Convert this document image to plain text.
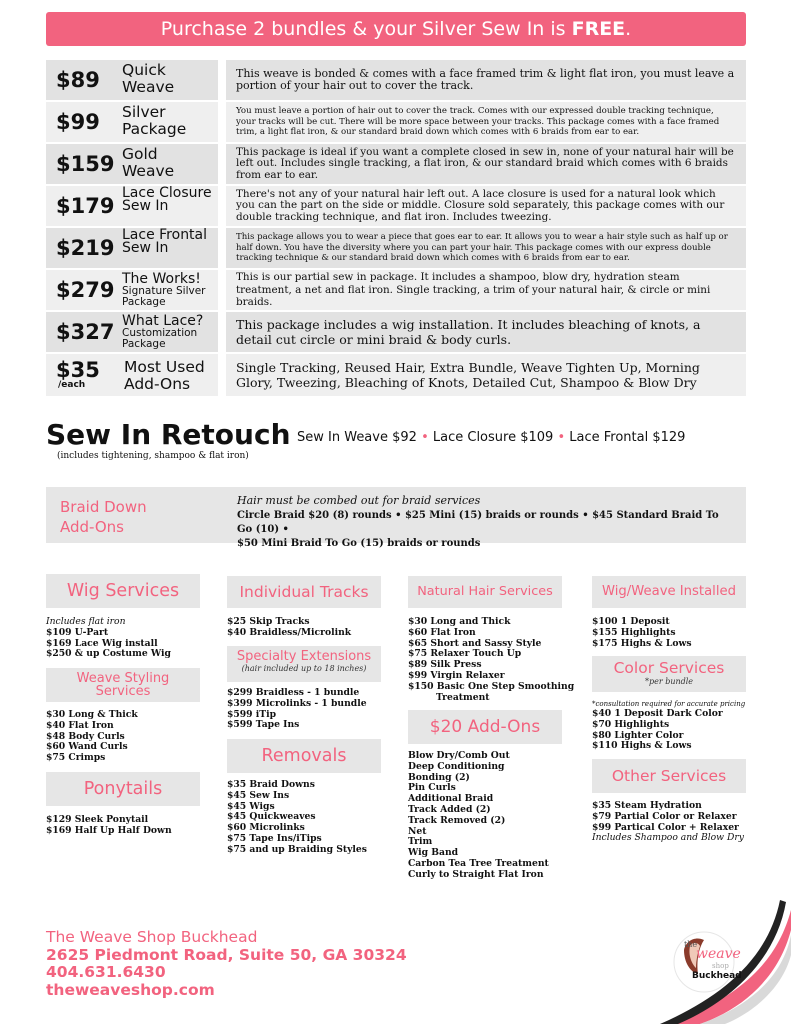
Purchase 2 bundles & your Silver Sew In is FREE.
$89 Quick Weave
This weave is bonded & comes with a face framed trim & light flat iron, you must leave a portion of your hair out to cover the track.
$99 Silver Package
You must leave a portion of hair out to cover the track. Comes with our expressed double tracking technique, your tracks will be cut. There will be more space between your tracks. This package comes with a face framed trim, a light flat iron, & our standard braid down which comes with 6 braids from ear to ear.
$159 Gold Weave
This package is ideal if you want a complete closed in sew in, none of your natural hair will be left out. Includes single tracking, a flat iron, & our standard braid which comes with 6 braids from ear to ear.
$179
Lace Closure Sew In
There's not any of your natural hair left out. A lace closure is used for a natural look which you can the part on the side or middle. Closure sold separately, this package comes with our double tracking technique, and flat iron. Includes tweezing.
$219
Lace Frontal Sew In
This package allows you to wear a piece that goes ear to ear. It allows you to wear a hair style such as half up or half down. You have the diversity where you can part your hair. This package comes with our express double tracking technique & our standard braid down which comes with 6 braids from ear to ear.
$279 The Works!
Signature Silver Package
This is our partial sew in package. It includes a shampoo, blow dry, hydration steam treatment, a net and flat iron. Single tracking, a trim of your natural hair, & circle or mini braids.
$327 What Lace?
Customization Package
This package includes a wig installation. It includes bleaching of knots, a detail cut circle or mini braid & body curls.
$35
/each
Most Used Add-Ons
Single Tracking, Reused Hair, Extra Bundle, Weave Tighten Up, Morning Glory, Tweezing, Bleaching of Knots, Detailed Cut, Shampoo & Blow Dry
Sew In Retouch Sew In Weave $92 • Lace Closure $109 • Lace Frontal $129
(includes tightening, shampoo & flat iron)
Braid Down
Add-Ons
Hair must be combed out for braid services
Circle Braid $20 (8) rounds • $25 Mini (15) braids or rounds • $45 Standard Braid To Go (10) •
$50 Mini Braid To Go (15) braids or rounds
Wig Services
Includes flat iron
$109 U-Part
$169 Lace Wig install
$250 & up Costume Wig
Weave Styling
Services
$30 Long & Thick
$40 Flat Iron
$48 Body Curls
$60 Wand Curls
$75 Crimps
Ponytails
$129 Sleek Ponytail
$169 Half Up Half Down
Individual Tracks
$25 Skip Tracks
$40 Braidless/Microlink
Specialty Extensions
(hair included up to 18 inches)
$299 Braidless - 1 bundle
$399 Microlinks - 1 bundle
$599 iTip
$599 Tape Ins
Removals
$35 Braid Downs
$45 Sew Ins
$45 Wigs
$45 Quickweaves
$60 Microlinks
$75 Tape Ins/iTips
$75 and up Braiding Styles
Natural Hair Services
$30 Long and Thick
$60 Flat Iron
$65 Short and Sassy Style
$75 Relaxer Touch Up
$89 Silk Press
$99 Virgin Relaxer
$150 Basic One Step Smoothing
Treatment
$20 Add-Ons
Blow Dry/Comb Out
Deep Conditioning
Bonding (2)
Pin Curls
Additional Braid
Track Added (2)
Track Removed (2)
Net
Trim
Wig Band
Carbon Tea Tree Treatment
Curly to Straight Flat Iron
Wig/Weave Installed
$100 1 Deposit
$155 Highlights
$175 Highs & Lows
Color Services
*per bundle
*consultation required for accurate pricing
$40 1 Deposit Dark Color
$70 Highlights
$80 Lighter Color
$110 Highs & Lows
Other Services
$35 Steam Hydration
$79 Partial Color or Relaxer
$99 Partical Color + Relaxer
Includes Shampoo and Blow Dry
The Weave Shop Buckhead
2625 Piedmont Road, Suite 50, GA 30324
404.631.6430
theweaveshop.com
the
weave
shop
Buckhead
